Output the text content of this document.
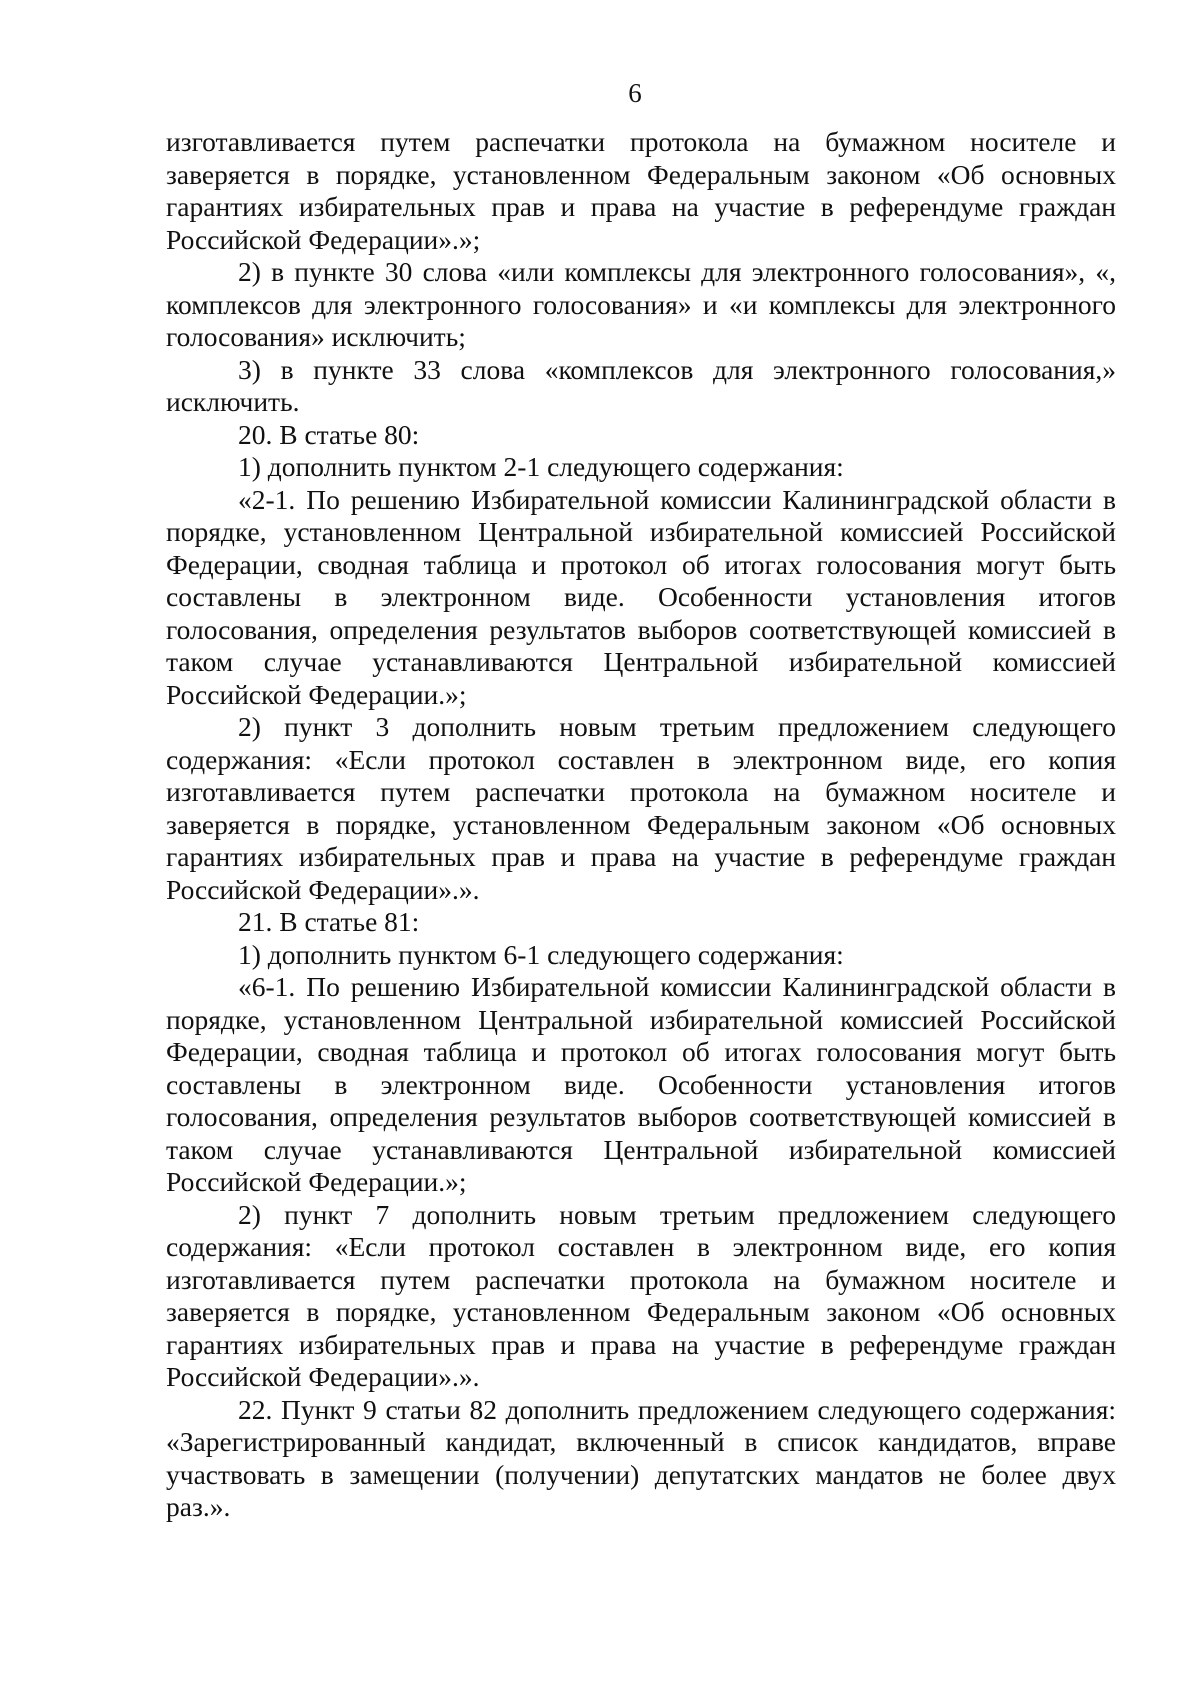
6

изготавливается путем распечатки протокола на бумажном носителе и заверяется в порядке, установленном Федеральным законом «Об основных гарантиях избирательных прав и права на участие в референдуме граждан Российской Федерации».»;

2) в пункте 30 слова «или комплексы для электронного голосования», «, комплексов для электронного голосования» и «и комплексы для электронного голосования» исключить;

3) в пункте 33 слова «комплексов для электронного голосования,» исключить.

20. В статье 80:

1) дополнить пунктом 2-1 следующего содержания:

«2-1. По решению Избирательной комиссии Калининградской области в порядке, установленном Центральной избирательной комиссией Российской Федерации, сводная таблица и протокол об итогах голосования могут быть составлены в электронном виде. Особенности установления итогов голосования, определения результатов выборов соответствующей комиссией в таком случае устанавливаются Центральной избирательной комиссией Российской Федерации.»;

2) пункт 3 дополнить новым третьим предложением следующего содержания: «Если протокол составлен в электронном виде, его копия изготавливается путем распечатки протокола на бумажном носителе и заверяется в порядке, установленном Федеральным законом «Об основных гарантиях избирательных прав и права на участие в референдуме граждан Российской Федерации».».

21. В статье 81:

1) дополнить пунктом 6-1 следующего содержания:

«6-1. По решению Избирательной комиссии Калининградской области в порядке, установленном Центральной избирательной комиссией Российской Федерации, сводная таблица и протокол об итогах голосования могут быть составлены в электронном виде. Особенности установления итогов голосования, определения результатов выборов соответствующей комиссией в таком случае устанавливаются Центральной избирательной комиссией Российской Федерации.»;

2) пункт 7 дополнить новым третьим предложением следующего содержания: «Если протокол составлен в электронном виде, его копия изготавливается путем распечатки протокола на бумажном носителе и заверяется в порядке, установленном Федеральным законом «Об основных гарантиях избирательных прав и права на участие в референдуме граждан Российской Федерации».».

22. Пункт 9 статьи 82 дополнить предложением следующего содержания: «Зарегистрированный кандидат, включенный в список кандидатов, вправе участвовать в замещении (получении) депутатских мандатов не более двух раз.».
